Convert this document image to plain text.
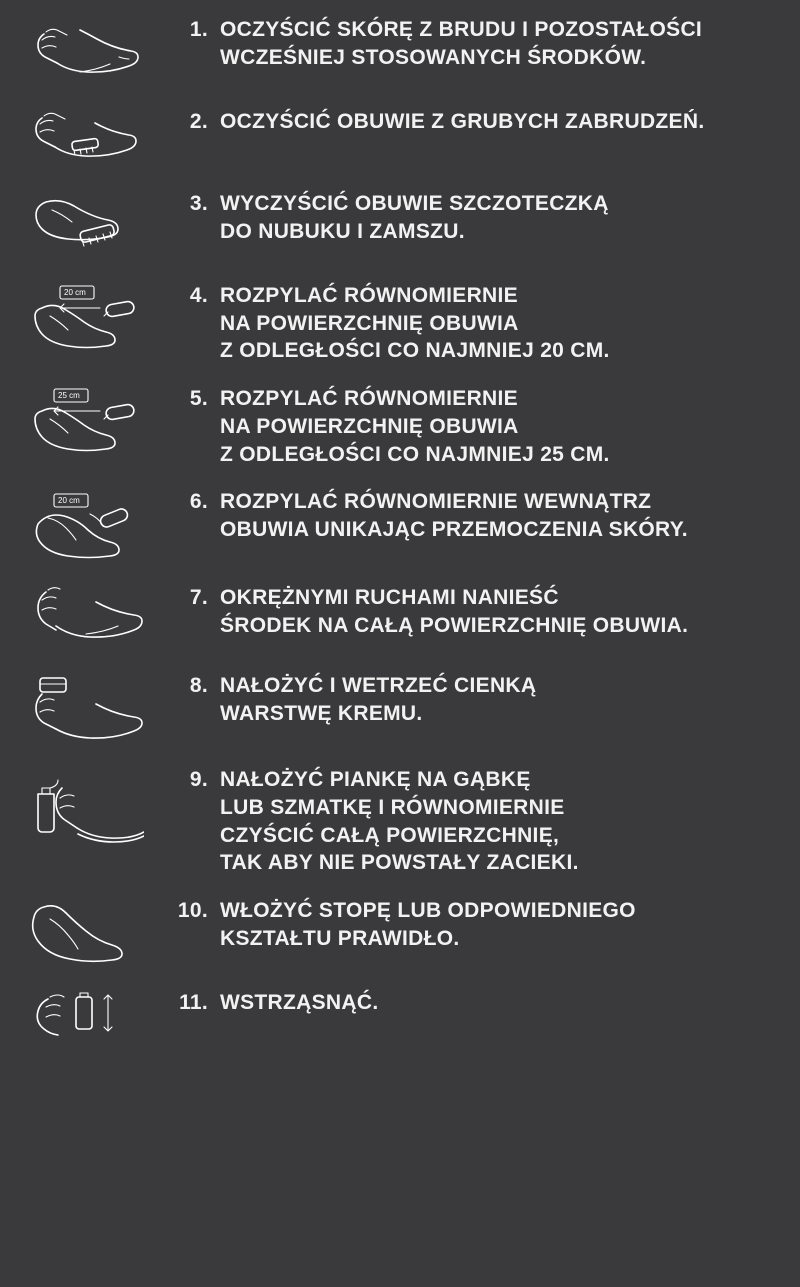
1. OCZYŚCIĆ SKÓRĘ Z BRUDU I POZOSTAŁOŚCI
WCZEŚNIEJ STOSOWANYCH ŚRODKÓW.
2. OCZYŚCIĆ OBUWIE Z GRUBYCH ZABRUDZEŃ.
3. WYCZYŚCIĆ OBUWIE SZCZOTECZKĄ
DO NUBUKU I ZAMSZU.
20 cm	4. ROZPYLAĆ RÓWNOMIERNIE
NA POWIERZCHNIĘ OBUWIA
Z ODLEGŁOŚCI CO NAJMNIEJ 20 CM.
25 cm	5. ROZPYLAĆ RÓWNOMIERNIE
NA POWIERZCHNIĘ OBUWIA
Z ODLEGŁOŚCI CO NAJMNIEJ 25 CM.
20 cm	6. ROZPYLAĆ RÓWNOMIERNIE WEWNĄTRZ
OBUWIA UNIKAJĄC PRZEMOCZENIA SKÓRY.
7. OKRĘŻNYMI RUCHAMI NANIEŚĆ
ŚRODEK NA CAŁĄ POWIERZCHNIĘ OBUWIA.
8. NAŁOŻYĆ I WETRZEĆ CIENKĄ
WARSTWĘ KREMU.
9. NAŁOŻYĆ PIANKĘ NA GĄBKĘ
LUB SZMATKĘ I RÓWNOMIERNIE
CZYŚCIĆ CAŁĄ POWIERZCHNIĘ,
TAK ABY NIE POWSTAŁY ZACIEKI.
10. WŁOŻYĆ STOPĘ LUB ODPOWIEDNIEGO
KSZTAŁTU PRAWIDŁO.
11. WSTRZĄSNĄĆ.
